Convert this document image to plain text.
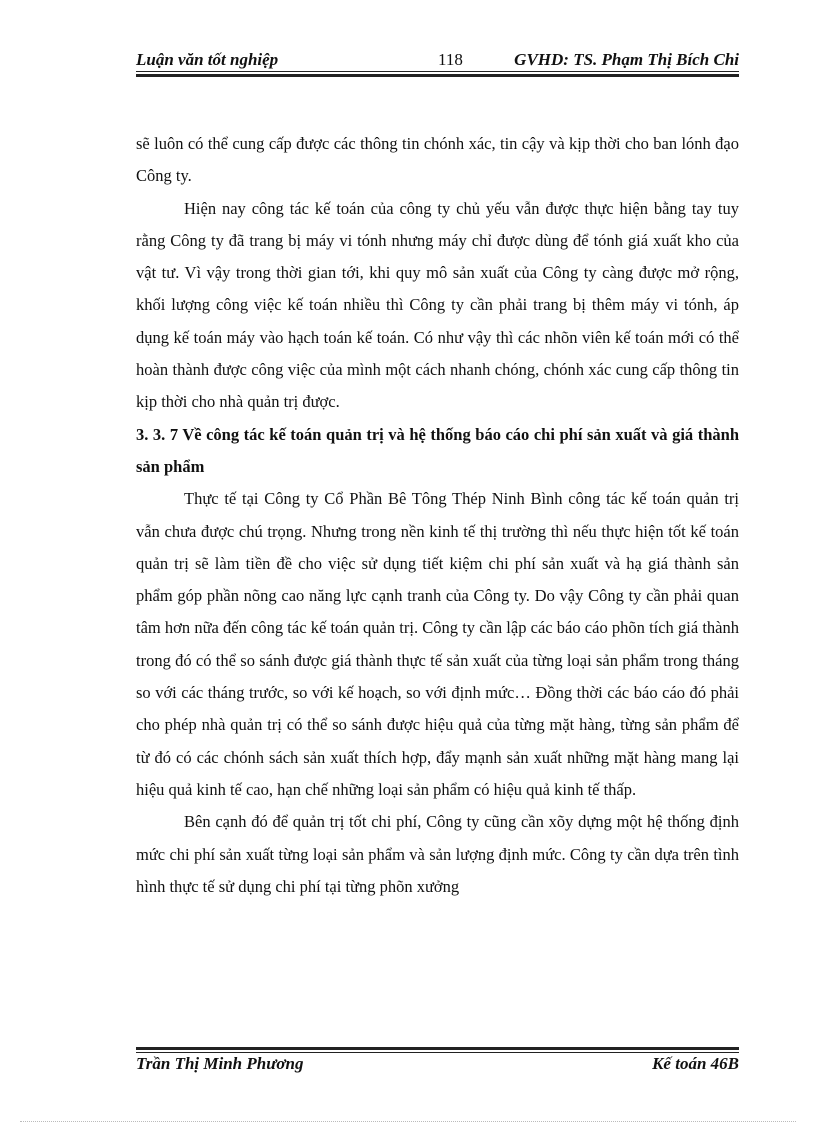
Luận văn tốt nghiệp	118	GVHD: TS. Phạm Thị Bích Chi

sẽ luôn có thể cung cấp được các thông tin chónh xác, tin cậy và kịp thời cho ban lónh đạo Công ty.

Hiện nay công tác kế toán của công ty chủ yếu vẫn được thực hiện bằng tay tuy rằng Công ty đã trang bị máy vi tónh nhưng máy chỉ được dùng để tónh giá xuất kho của vật tư. Vì vậy trong thời gian tới, khi quy mô sản xuất của Công ty càng được mở rộng, khối lượng công việc kế toán nhiều thì Công ty cần phải trang bị thêm máy vi tónh, áp dụng kế toán máy vào hạch toán kế toán. Có như vậy thì các nhõn viên kế toán mới có thể hoàn thành được công việc của mình một cách nhanh chóng, chónh xác cung cấp thông tin kịp thời cho nhà quản trị được.

3. 3. 7 Về công tác kế toán quản trị và hệ thống báo cáo chi phí sản xuất và giá thành sản phẩm

Thực tế tại Công ty Cổ Phần Bê Tông Thép Ninh Bình công tác kế toán quản trị vẫn chưa được chú trọng. Nhưng trong nền kinh tế thị trường thì nếu thực hiện tốt kế toán quản trị sẽ làm tiền đề cho việc sử dụng tiết kiệm chi phí sản xuất và hạ giá thành sản phẩm góp phần nõng cao năng lực cạnh tranh của Công ty. Do vậy Công ty cần phải quan tâm hơn nữa đến công tác kế toán quản trị. Công ty cần lập các báo cáo phõn tích giá thành trong đó có thể so sánh được giá thành thực tế sản xuất của từng loại sản phẩm trong tháng so với các tháng trước, so với kế hoạch, so với định mức… Đồng thời các báo cáo đó phải cho phép nhà quản trị có thể so sánh được hiệu quả của từng mặt hàng, từng sản phẩm để từ đó có các chónh sách sản xuất thích hợp, đẩy mạnh sản xuất những mặt hàng mang lại hiệu quả kinh tế cao, hạn chế những loại sản phẩm có hiệu quả kinh tế thấp.

Bên cạnh đó để quản trị tốt chi phí, Công ty cũng cần xõy dựng một hệ thống định mức chi phí sản xuất từng loại sản phẩm và sản lượng định mức. Công ty cần dựa trên tình hình thực tế sử dụng chi phí tại từng phõn xưởng

Trần Thị Minh Phương	Kế toán 46B
